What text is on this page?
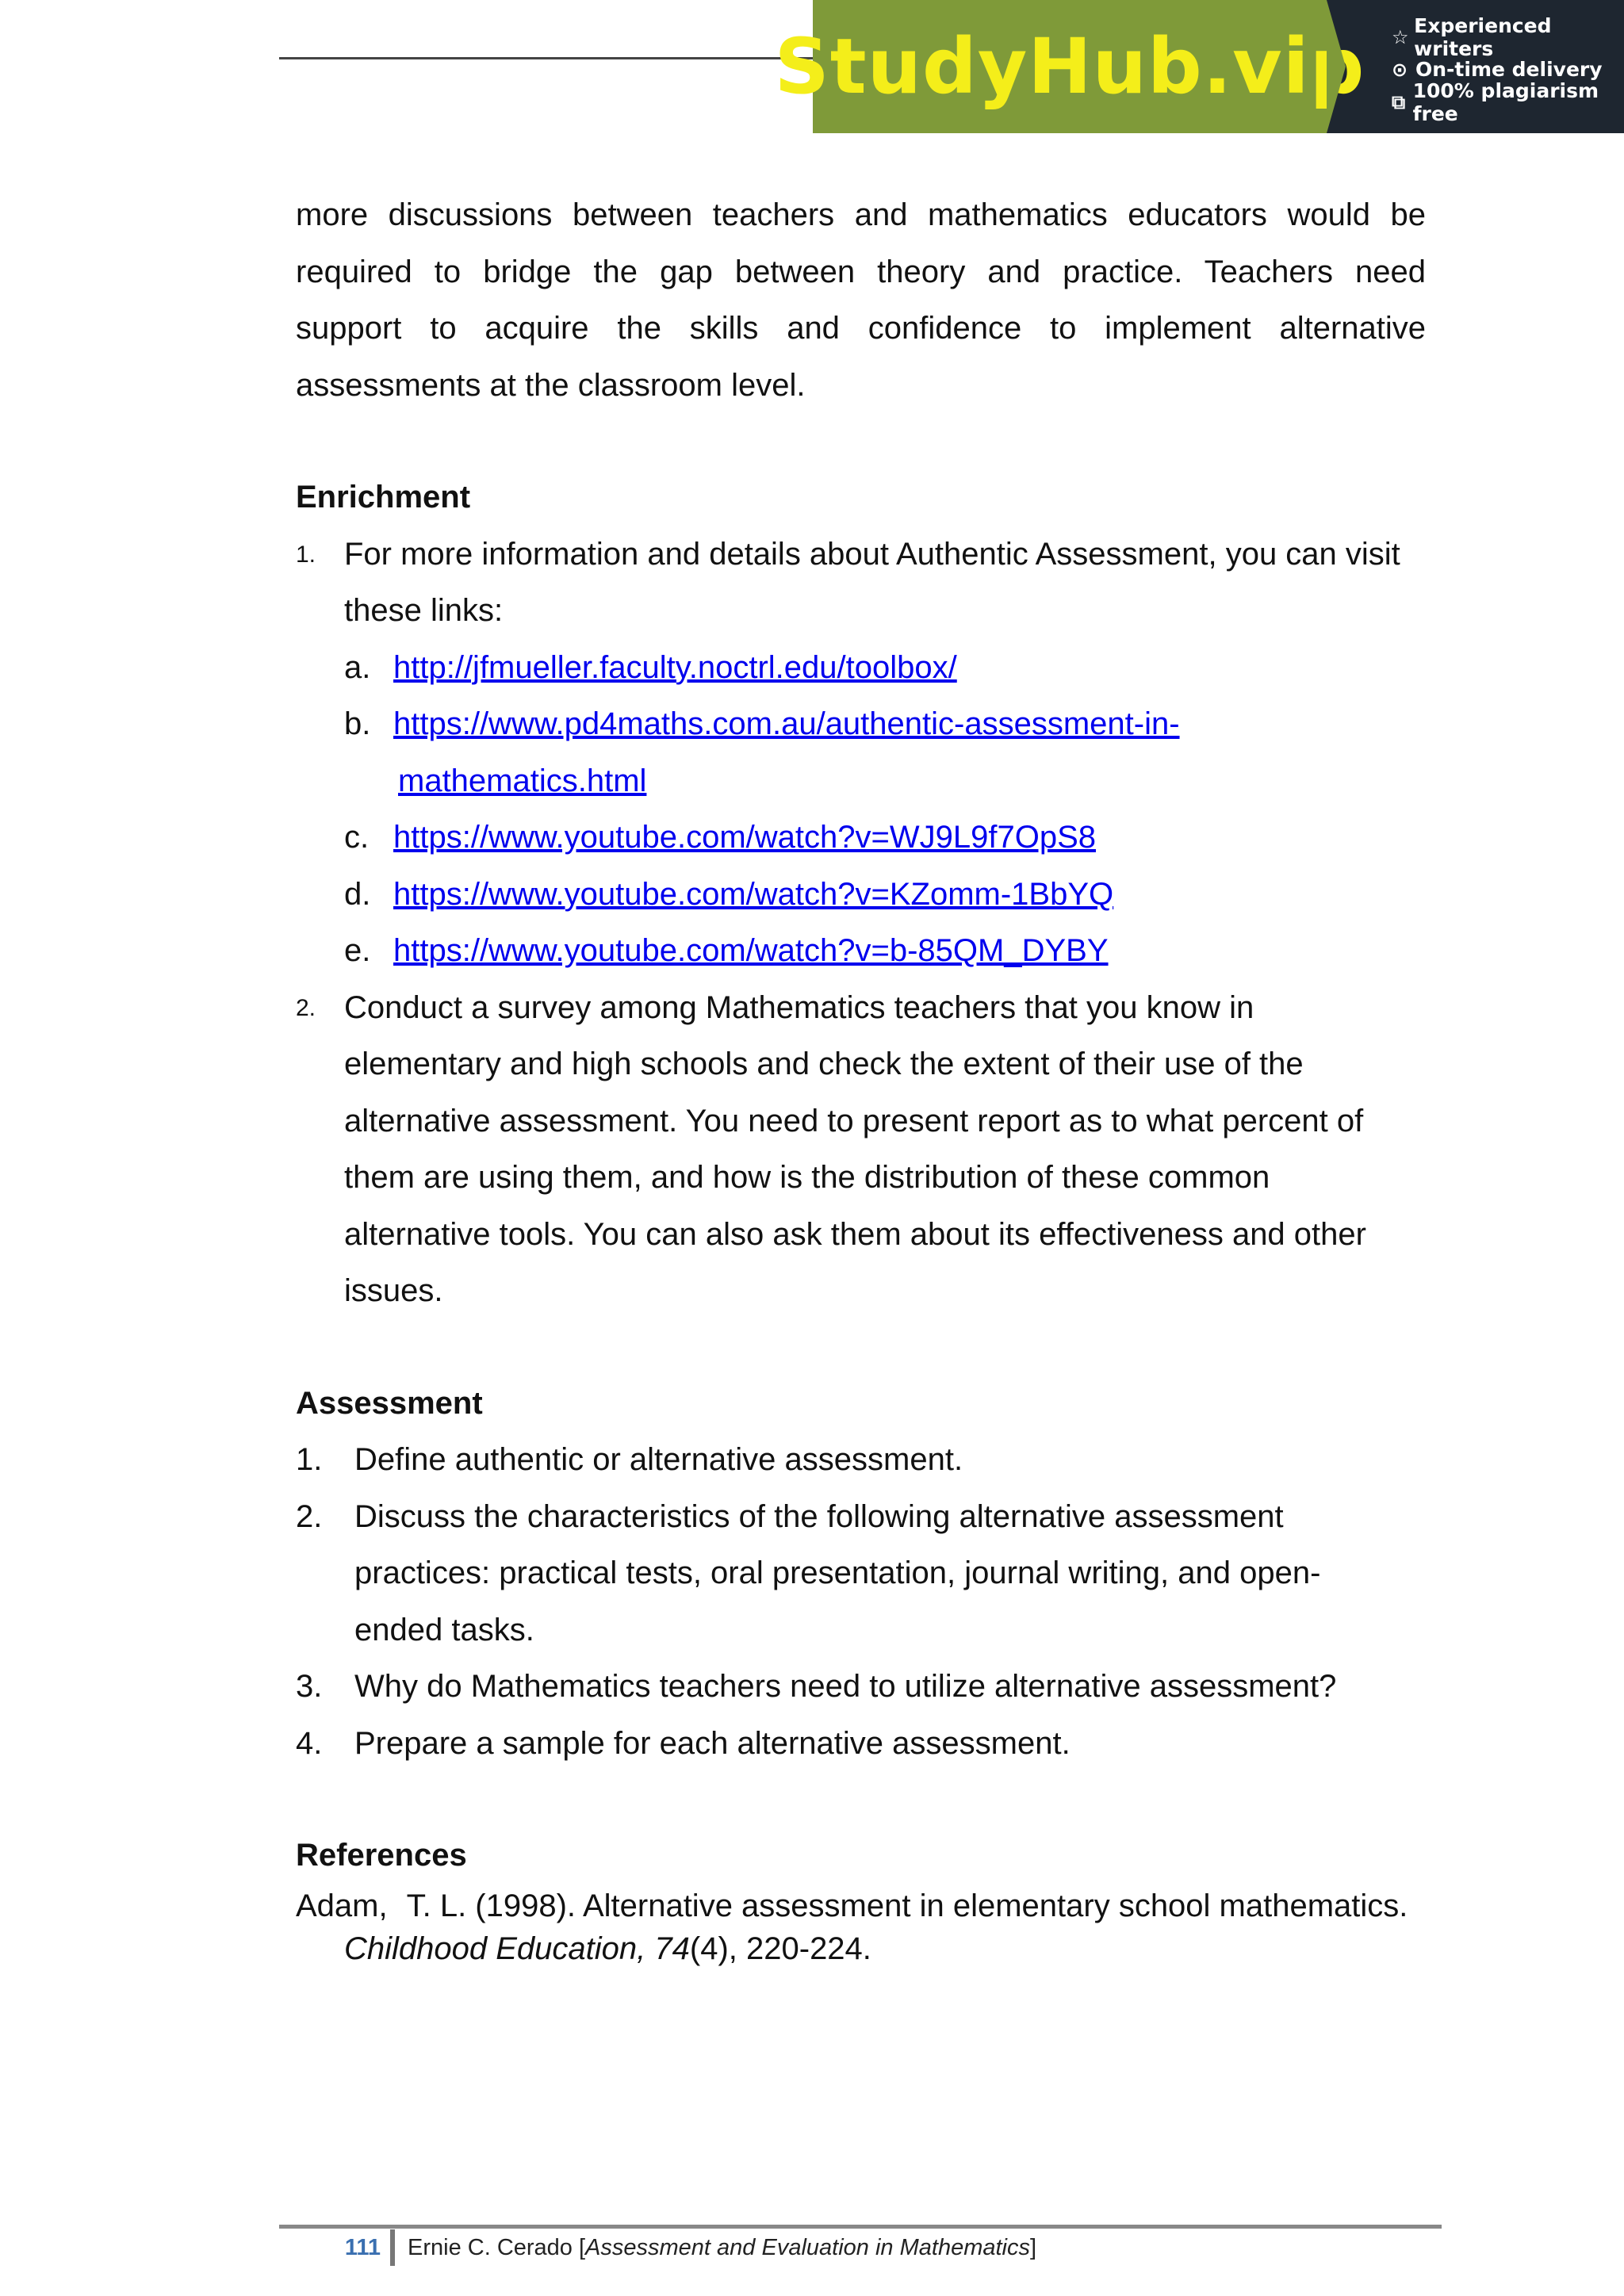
StudyHub.vip ☆ Experienced writers
⊙ On-time delivery
⧉ 100% plagiarism free

more discussions between teachers and mathematics educators would be

required to bridge the gap between theory and practice. Teachers need

support to acquire the skills and confidence to implement alternative

assessments at the classroom level.

Enrichment

1. For more information and details about Authentic Assessment, you can visit these links:
a. http://jfmueller.faculty.noctrl.edu/toolbox/
b. https://www.pd4maths.com.au/authentic-assessment-in-
mathematics.html
c. https://www.youtube.com/watch?v=WJ9L9f7OpS8
d. https://www.youtube.com/watch?v=KZomm-1BbYQ
e. https://www.youtube.com/watch?v=b-85QM_DYBY
2. Conduct a survey among Mathematics teachers that you know in elementary and high schools and check the extent of their use of the alternative assessment. You need to present report as to what percent of them are using them, and how is the distribution of these common alternative tools. You can also ask them about its effectiveness and other issues.

Assessment

1.	Define authentic or alternative assessment.
2.	Discuss the characteristics of the following alternative assessment practices: practical tests, oral presentation, journal writing, and open-ended tasks.
3.	Why do Mathematics teachers need to utilize alternative assessment?
4.	Prepare a sample for each alternative assessment.

References

Adam, T. L. (1998). Alternative assessment in elementary school mathematics. Childhood Education, 74(4), 220-224.

111	Ernie C. Cerado [Assessment and Evaluation in Mathematics]
